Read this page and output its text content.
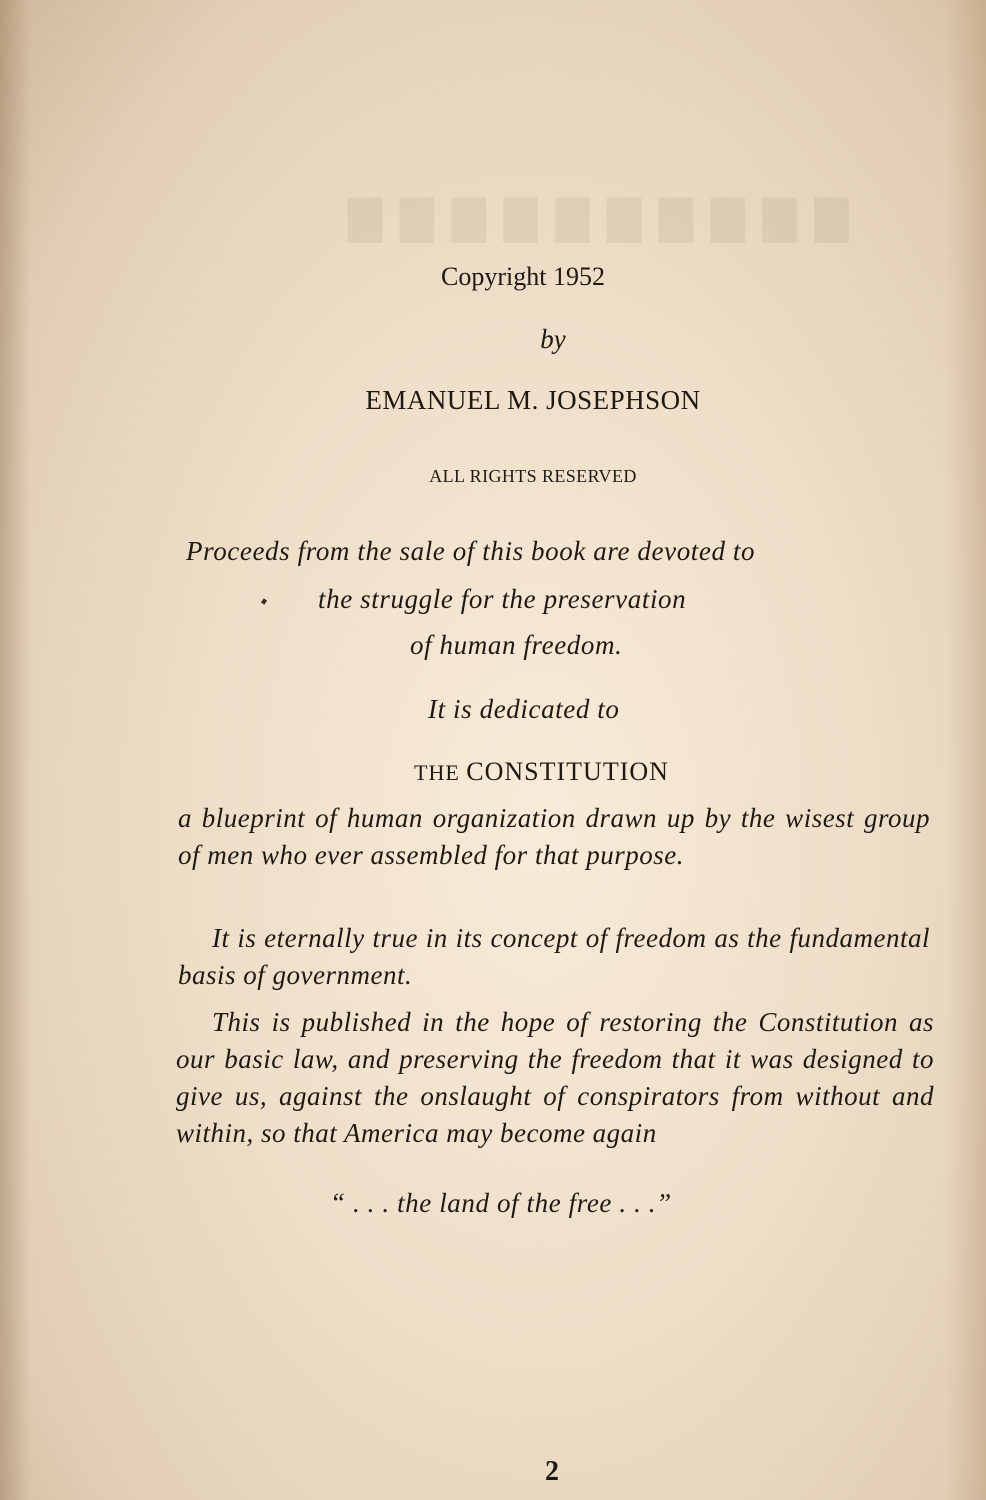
▇▇▇▇▇▇▇▇▇▇
Copyright 1952
by
EMANUEL M. JOSEPHSON
ALL RIGHTS RESERVED
Proceeds from the sale of this book are devoted to
the struggle for the preservation
of human freedom.
It is dedicated to
THE CONSTITUTION
a blueprint of human organization drawn up by the wisest group of men who ever assembled for that purpose.
It is eternally true in its concept of freedom as the fundamental basis of government.
This is published in the hope of restoring the Constitution as our basic law, and preserving the freedom that it was designed to give us, against the onslaught of conspirators from without and within, so that America may become again
“ . . . the land of the free . . .”
2
